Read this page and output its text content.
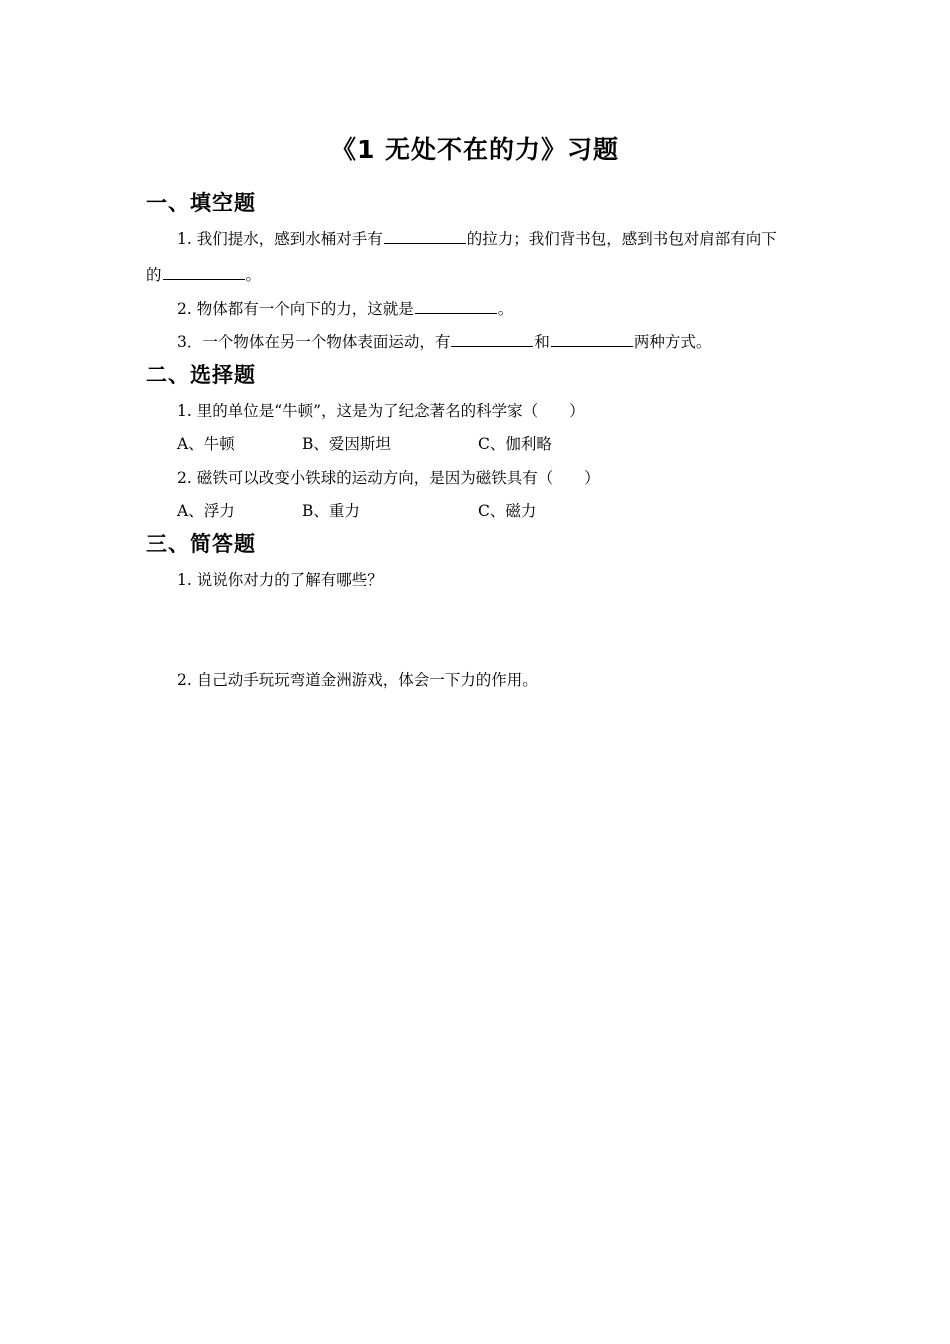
《1 无处不在的力》习题
一、填空题
1. 我们提水，感到水桶对手有	的拉力；我们背书包，感到书包对肩部有向下
的	。
2. 物体都有一个向下的力，这就是	。
3．一个物体在另一个物体表面运动，有	和	两种方式。
二、选择题
1. 里的单位是“牛顿”，这是为了纪念著名的科学家（　　）
A、牛顿	B、爱因斯坦	C、伽利略
2. 磁铁可以改变小铁球的运动方向，是因为磁铁具有（　　）
A、浮力	B、重力	C、磁力
三、简答题
1. 说说你对力的了解有哪些？
2. 自己动手玩玩弯道金洲游戏，体会一下力的作用。
